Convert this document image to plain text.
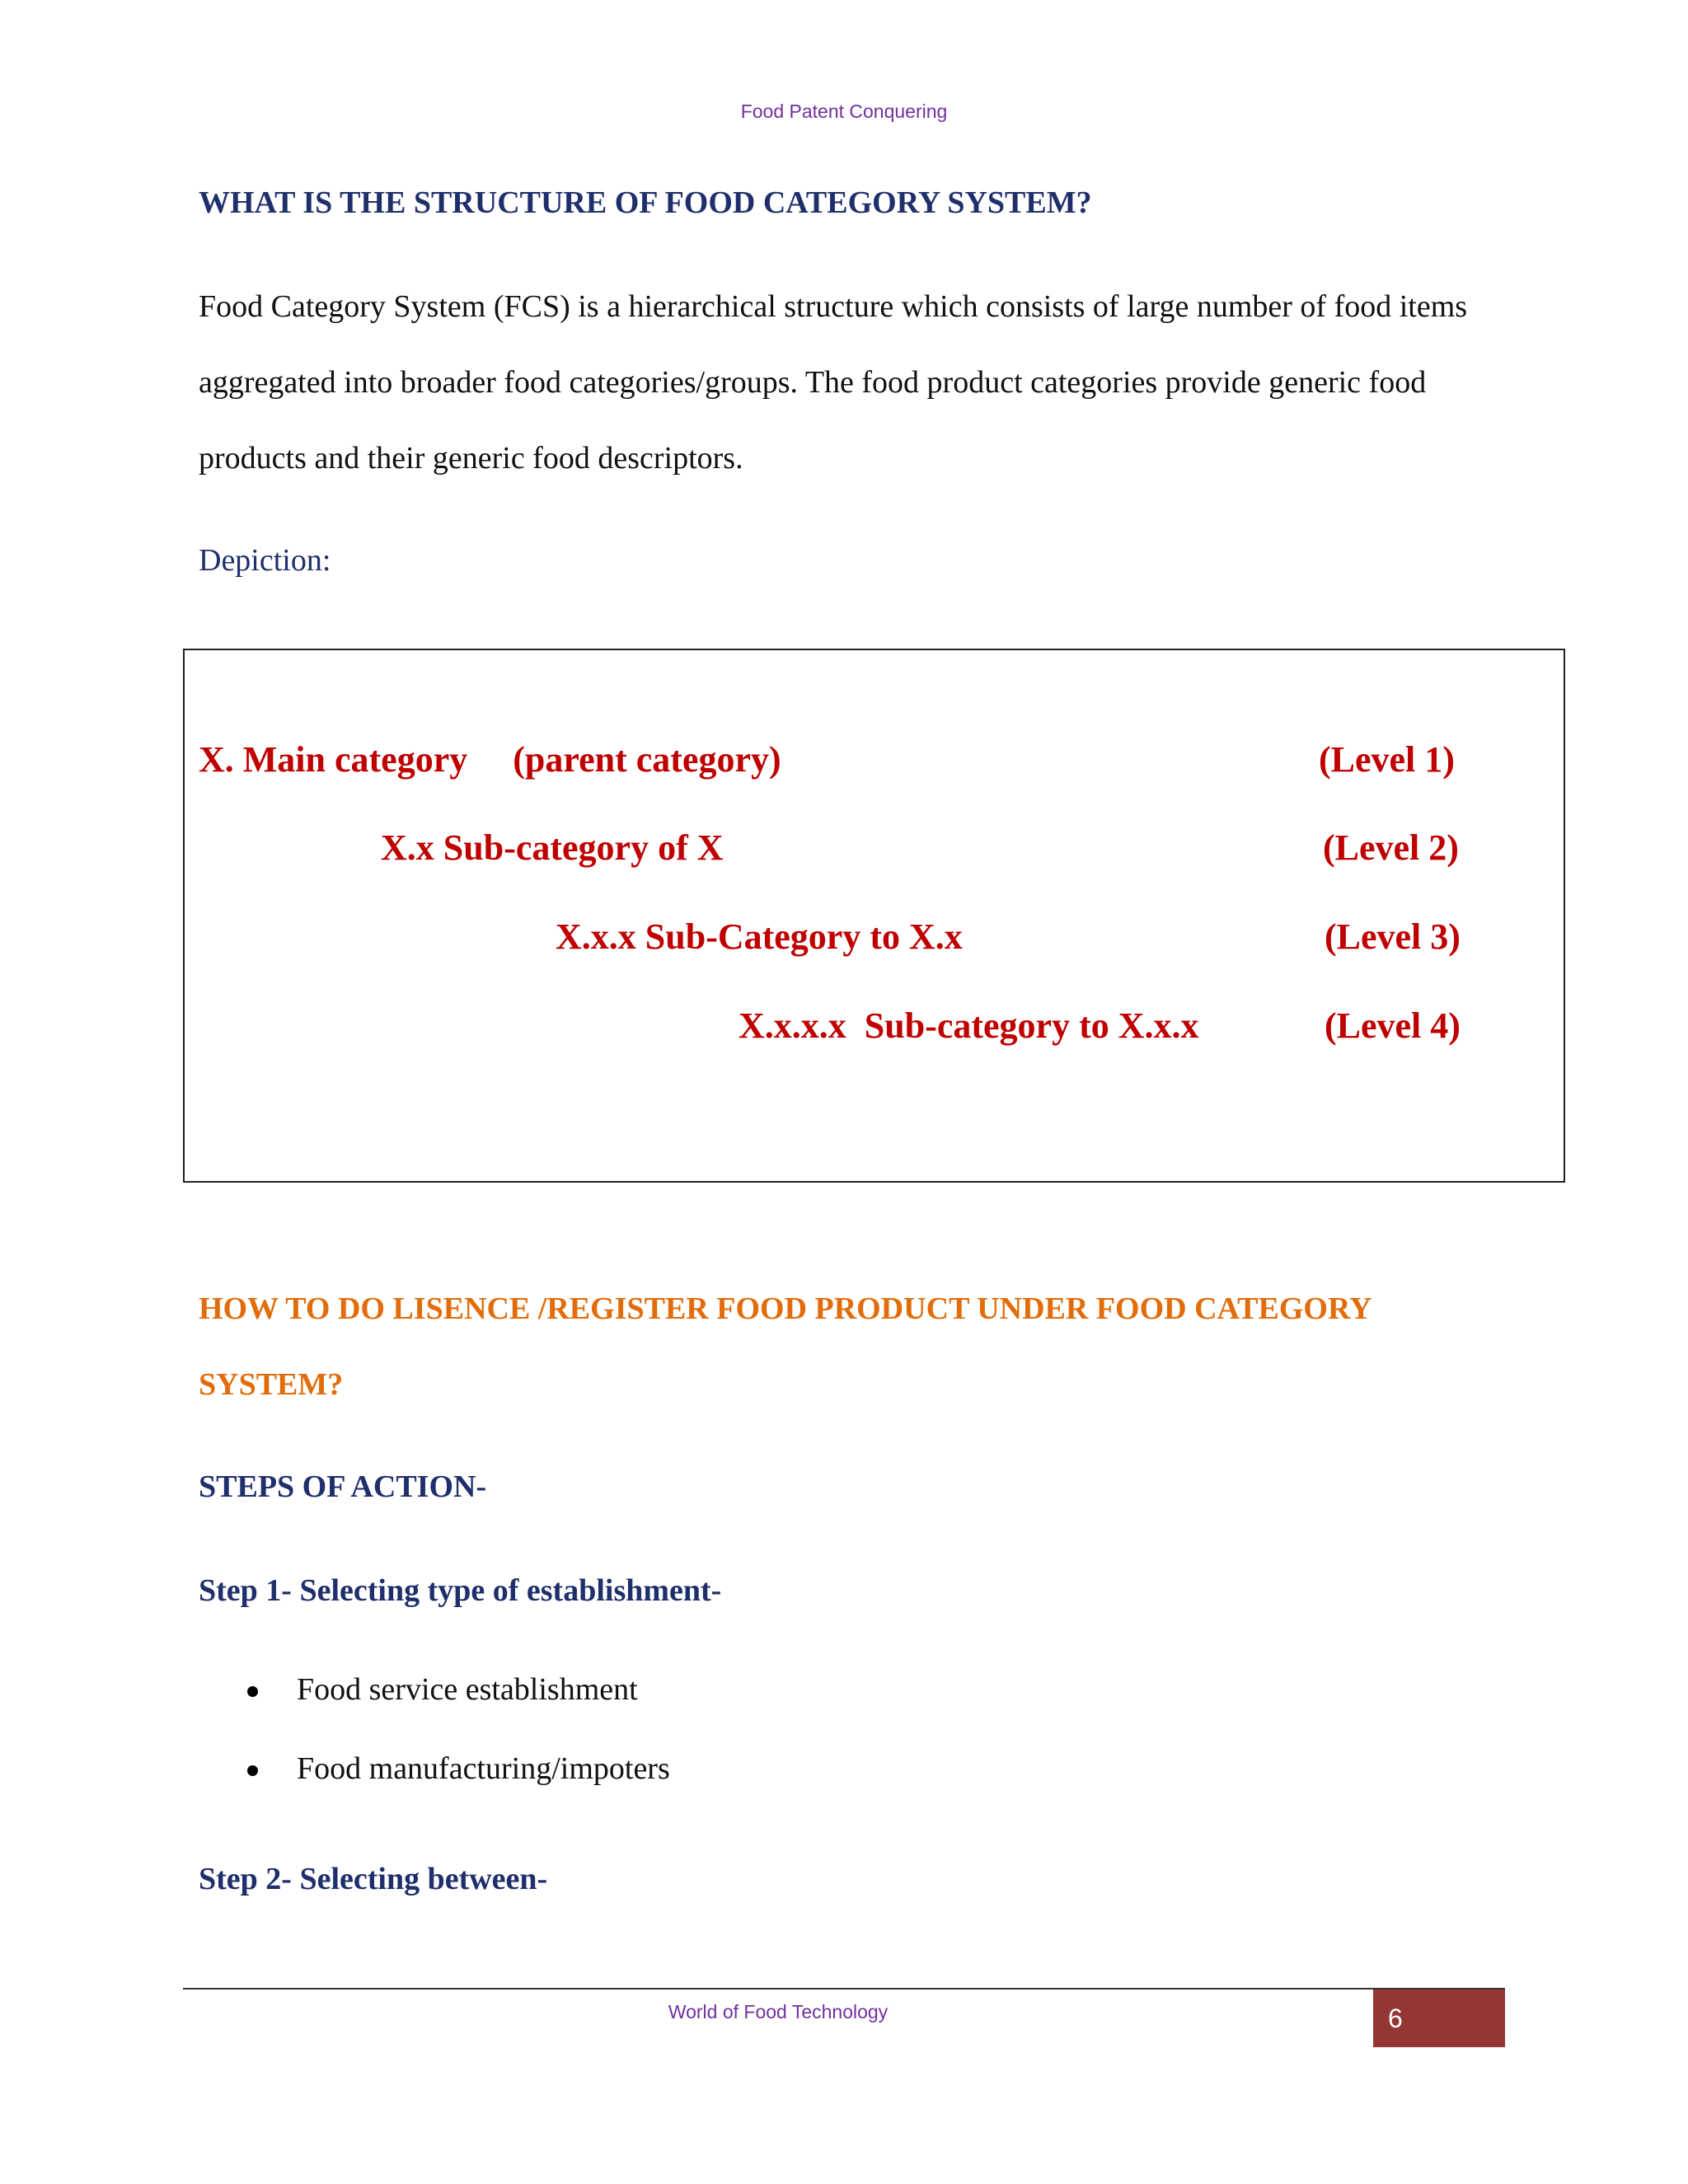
Food Patent Conquering
WHAT IS THE STRUCTURE OF FOOD CATEGORY SYSTEM?

Food Category System (FCS) is a hierarchical structure which consists of large number of food items aggregated into broader food categories/groups. The food product categories provide generic food products and their generic food descriptors.

Depiction:
X. Main category     (parent category)	(Level 1)
X.x Sub-category of X	(Level 2)
X.x.x Sub-Category to X.x	(Level 3)
X.x.x.x  Sub-category to X.x.x	(Level 4)
HOW TO DO LISENCE /REGISTER FOOD PRODUCT UNDER FOOD CATEGORY SYSTEM?
STEPS OF ACTION-
Step 1- Selecting type of establishment-
Food service establishment
Food manufacturing/impoters
Step 2- Selecting between-
World of Food Technology	6
